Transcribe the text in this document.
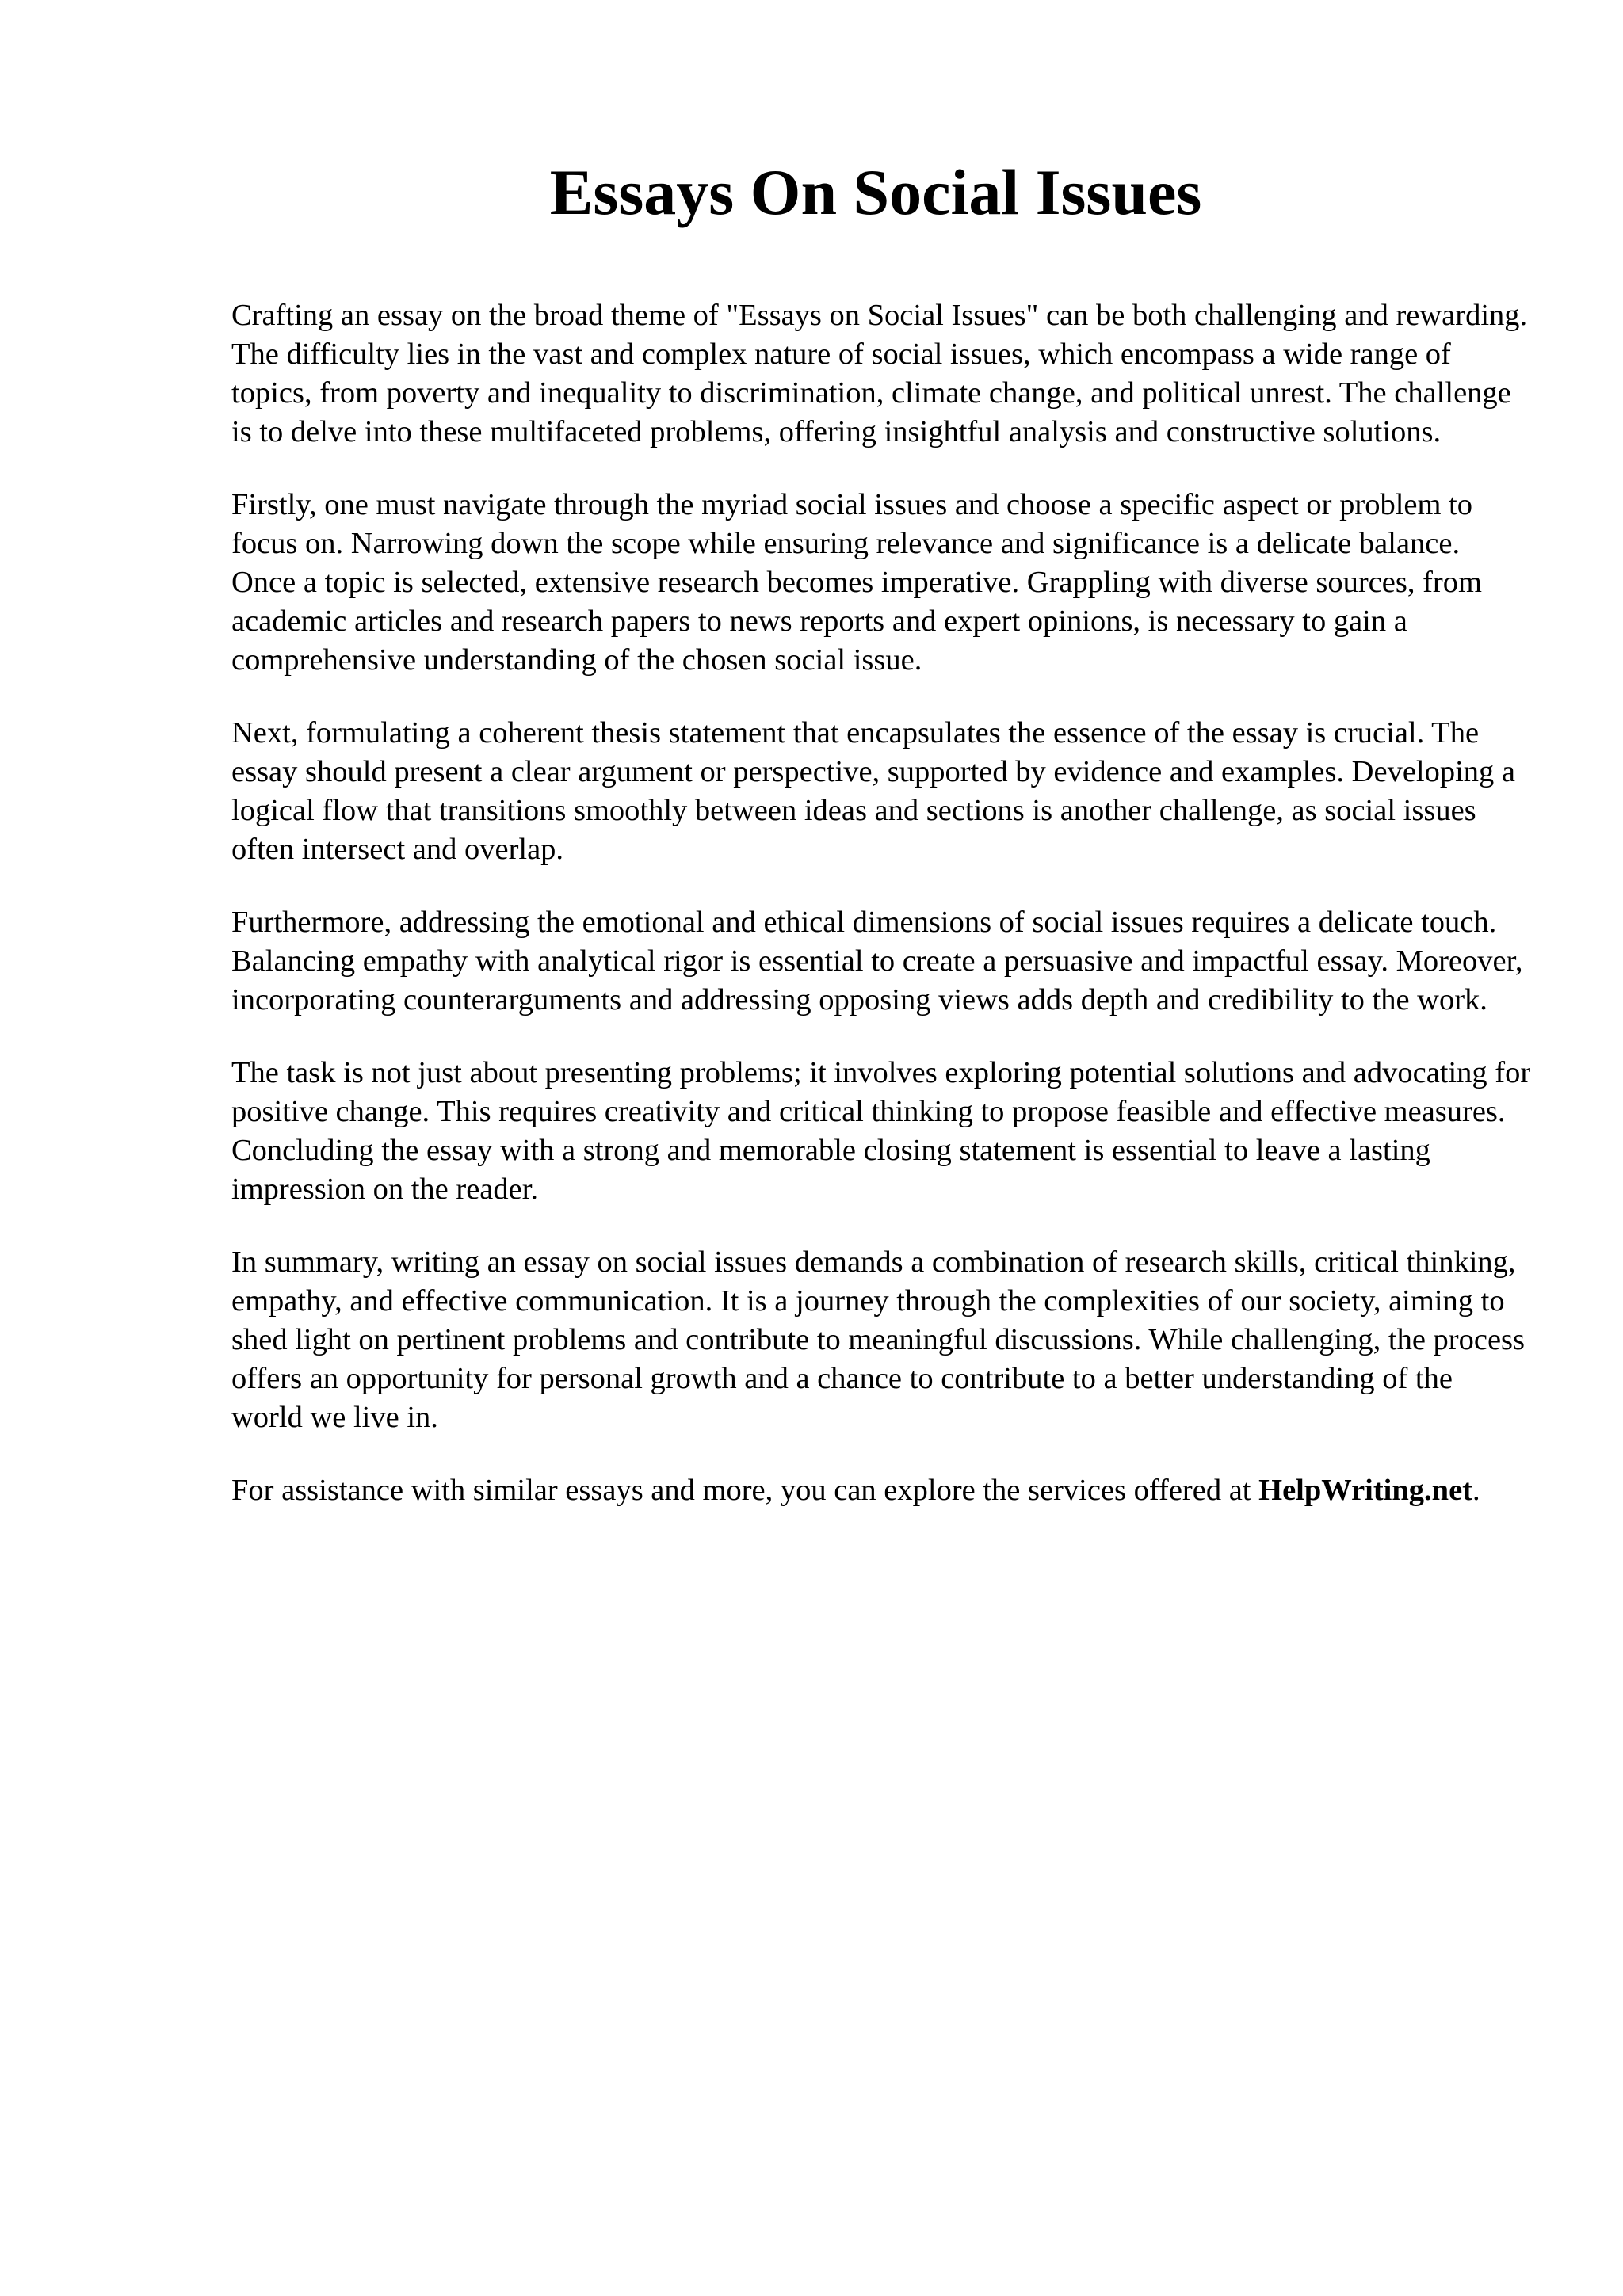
Essays On Social Issues

Crafting an essay on the broad theme of "Essays on Social Issues" can be both challenging and rewarding. The difficulty lies in the vast and complex nature of social issues, which encompass a wide range of topics, from poverty and inequality to discrimination, climate change, and political unrest. The challenge is to delve into these multifaceted problems, offering insightful analysis and constructive solutions.

Firstly, one must navigate through the myriad social issues and choose a specific aspect or problem to focus on. Narrowing down the scope while ensuring relevance and significance is a delicate balance. Once a topic is selected, extensive research becomes imperative. Grappling with diverse sources, from academic articles and research papers to news reports and expert opinions, is necessary to gain a comprehensive understanding of the chosen social issue.

Next, formulating a coherent thesis statement that encapsulates the essence of the essay is crucial. The essay should present a clear argument or perspective, supported by evidence and examples. Developing a logical flow that transitions smoothly between ideas and sections is another challenge, as social issues often intersect and overlap.

Furthermore, addressing the emotional and ethical dimensions of social issues requires a delicate touch. Balancing empathy with analytical rigor is essential to create a persuasive and impactful essay. Moreover, incorporating counterarguments and addressing opposing views adds depth and credibility to the work.

The task is not just about presenting problems; it involves exploring potential solutions and advocating for positive change. This requires creativity and critical thinking to propose feasible and effective measures. Concluding the essay with a strong and memorable closing statement is essential to leave a lasting impression on the reader.

In summary, writing an essay on social issues demands a combination of research skills, critical thinking, empathy, and effective communication. It is a journey through the complexities of our society, aiming to shed light on pertinent problems and contribute to meaningful discussions. While challenging, the process offers an opportunity for personal growth and a chance to contribute to a better understanding of the world we live in.

For assistance with similar essays and more, you can explore the services offered at HelpWriting.net.
